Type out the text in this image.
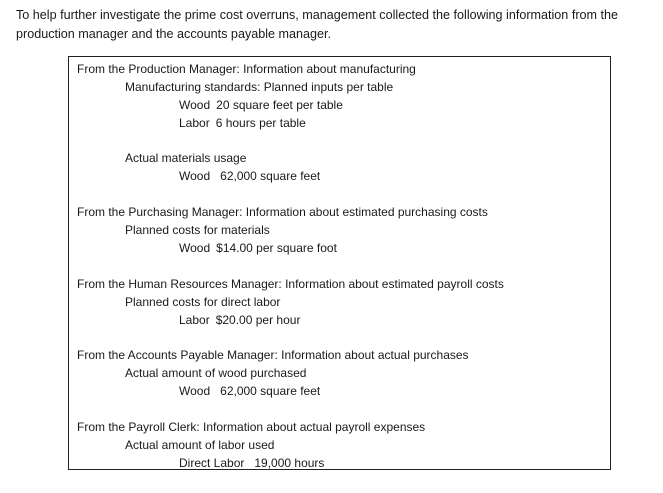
To help further investigate the prime cost overruns, management collected the following information from the production manager and the accounts payable manager.

From the Production Manager: Information about manufacturing
Manufacturing standards: Planned inputs per table
Wood 20 square feet per table
Labor 6 hours per table
Actual materials usage
Wood 62,000 square feet
From the Purchasing Manager: Information about estimated purchasing costs
Planned costs for materials
Wood $14.00 per square foot
From the Human Resources Manager: Information about estimated payroll costs
Planned costs for direct labor
Labor $20.00 per hour
From the Accounts Payable Manager: Information about actual purchases
Actual amount of wood purchased
Wood 62,000 square feet
From the Payroll Clerk: Information about actual payroll expenses
Actual amount of labor used
Direct Labor 19,000 hours
